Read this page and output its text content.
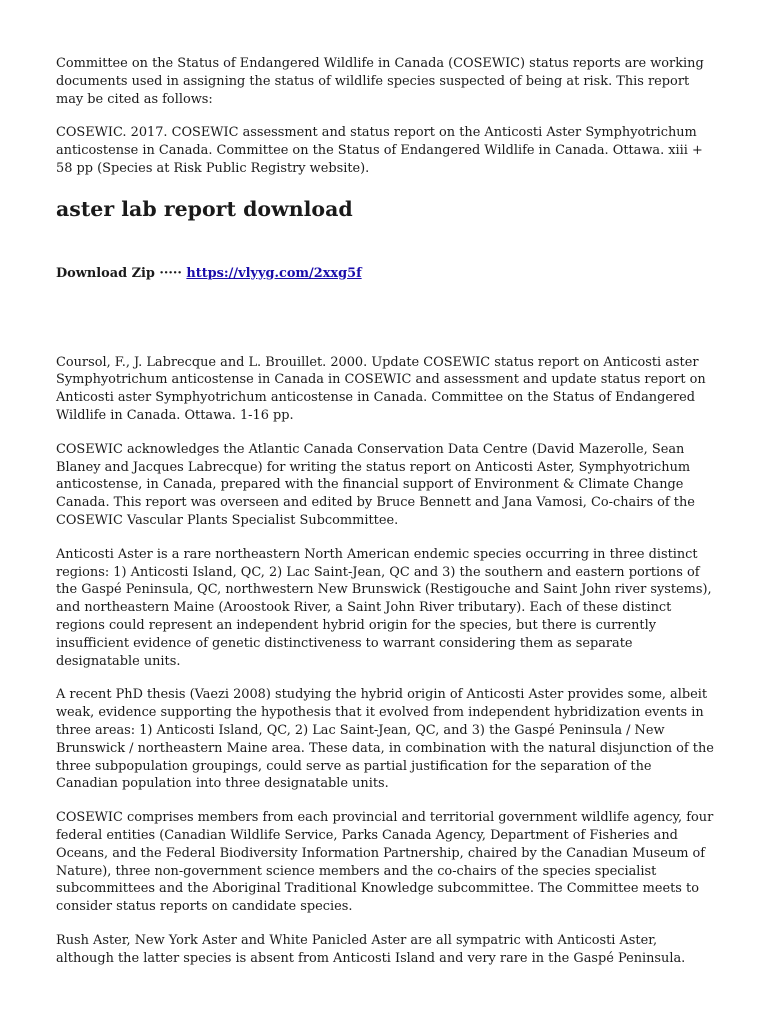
Committee on the Status of Endangered Wildlife in Canada (COSEWIC) status reports are working documents used in assigning the status of wildlife species suspected of being at risk. This report may be cited as follows:

COSEWIC. 2017. COSEWIC assessment and status report on the Anticosti Aster Symphyotrichum anticostense in Canada. Committee on the Status of Endangered Wildlife in Canada. Ottawa. xiii + 58 pp (Species at Risk Public Registry website).

aster lab report download
Download Zip ····· https://vlyyg.com/2xxg5f

Coursol, F., J. Labrecque and L. Brouillet. 2000. Update COSEWIC status report on Anticosti aster Symphyotrichum anticostense in Canada in COSEWIC and assessment and update status report on Anticosti aster Symphyotrichum anticostense in Canada. Committee on the Status of Endangered Wildlife in Canada. Ottawa. 1-16 pp.

COSEWIC acknowledges the Atlantic Canada Conservation Data Centre (David Mazerolle, Sean Blaney and Jacques Labrecque) for writing the status report on Anticosti Aster, Symphyotrichum anticostense, in Canada, prepared with the financial support of Environment & Climate Change Canada. This report was overseen and edited by Bruce Bennett and Jana Vamosi, Co-chairs of the COSEWIC Vascular Plants Specialist Subcommittee.

Anticosti Aster is a rare northeastern North American endemic species occurring in three distinct regions: 1) Anticosti Island, QC, 2) Lac Saint-Jean, QC and 3) the southern and eastern portions of the Gaspé Peninsula, QC, northwestern New Brunswick (Restigouche and Saint John river systems), and northeastern Maine (Aroostook River, a Saint John River tributary). Each of these distinct regions could represent an independent hybrid origin for the species, but there is currently insufficient evidence of genetic distinctiveness to warrant considering them as separate designatable units.

A recent PhD thesis (Vaezi 2008) studying the hybrid origin of Anticosti Aster provides some, albeit weak, evidence supporting the hypothesis that it evolved from independent hybridization events in three areas: 1) Anticosti Island, QC, 2) Lac Saint-Jean, QC, and 3) the Gaspé Peninsula / New Brunswick / northeastern Maine area. These data, in combination with the natural disjunction of the three subpopulation groupings, could serve as partial justification for the separation of the Canadian population into three designatable units.

COSEWIC comprises members from each provincial and territorial government wildlife agency, four federal entities (Canadian Wildlife Service, Parks Canada Agency, Department of Fisheries and Oceans, and the Federal Biodiversity Information Partnership, chaired by the Canadian Museum of Nature), three non-government science members and the co-chairs of the species specialist subcommittees and the Aboriginal Traditional Knowledge subcommittee. The Committee meets to consider status reports on candidate species.

Rush Aster, New York Aster and White Panicled Aster are all sympatric with Anticosti Aster, although the latter species is absent from Anticosti Island and very rare in the Gaspé Peninsula.
